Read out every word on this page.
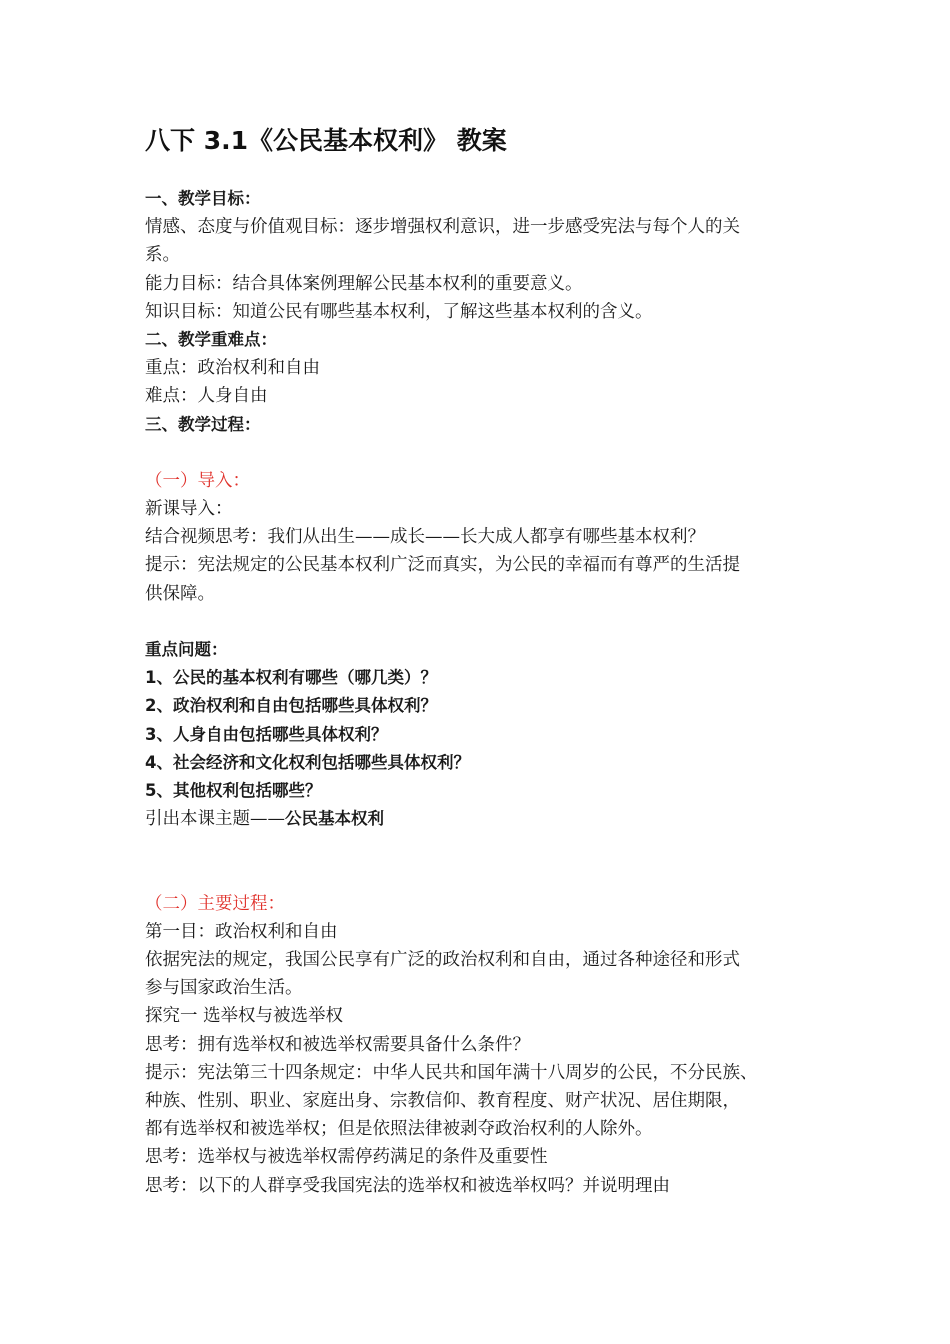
八下 3.1《公民基本权利》 教案
一、教学目标：
情感、态度与价值观目标：逐步增强权利意识，进一步感受宪法与每个人的关
系。
能力目标：结合具体案例理解公民基本权利的重要意义。
知识目标：知道公民有哪些基本权利，了解这些基本权利的含义。
二、教学重难点：
重点：政治权利和自由
难点：人身自由
三、教学过程：
（一）导入：
新课导入：
结合视频思考：我们从出生——成长——长大成人都享有哪些基本权利？
提示：宪法规定的公民基本权利广泛而真实，为公民的幸福而有尊严的生活提
供保障。
重点问题：
1、公民的基本权利有哪些（哪几类）？
2、政治权利和自由包括哪些具体权利？
3、人身自由包括哪些具体权利？
4、社会经济和文化权利包括哪些具体权利？
5、其他权利包括哪些？
引出本课主题——公民基本权利
（二）主要过程：
第一目：政治权利和自由
依据宪法的规定，我国公民享有广泛的政治权利和自由，通过各种途径和形式
参与国家政治生活。
探究一 选举权与被选举权
思考：拥有选举权和被选举权需要具备什么条件？
提示：宪法第三十四条规定：中华人民共和国年满十八周岁的公民，不分民族、
种族、性别、职业、家庭出身、宗教信仰、教育程度、财产状况、居住期限，
都有选举权和被选举权；但是依照法律被剥夺政治权利的人除外。
思考：选举权与被选举权需停药满足的条件及重要性
思考：以下的人群享受我国宪法的选举权和被选举权吗？并说明理由
